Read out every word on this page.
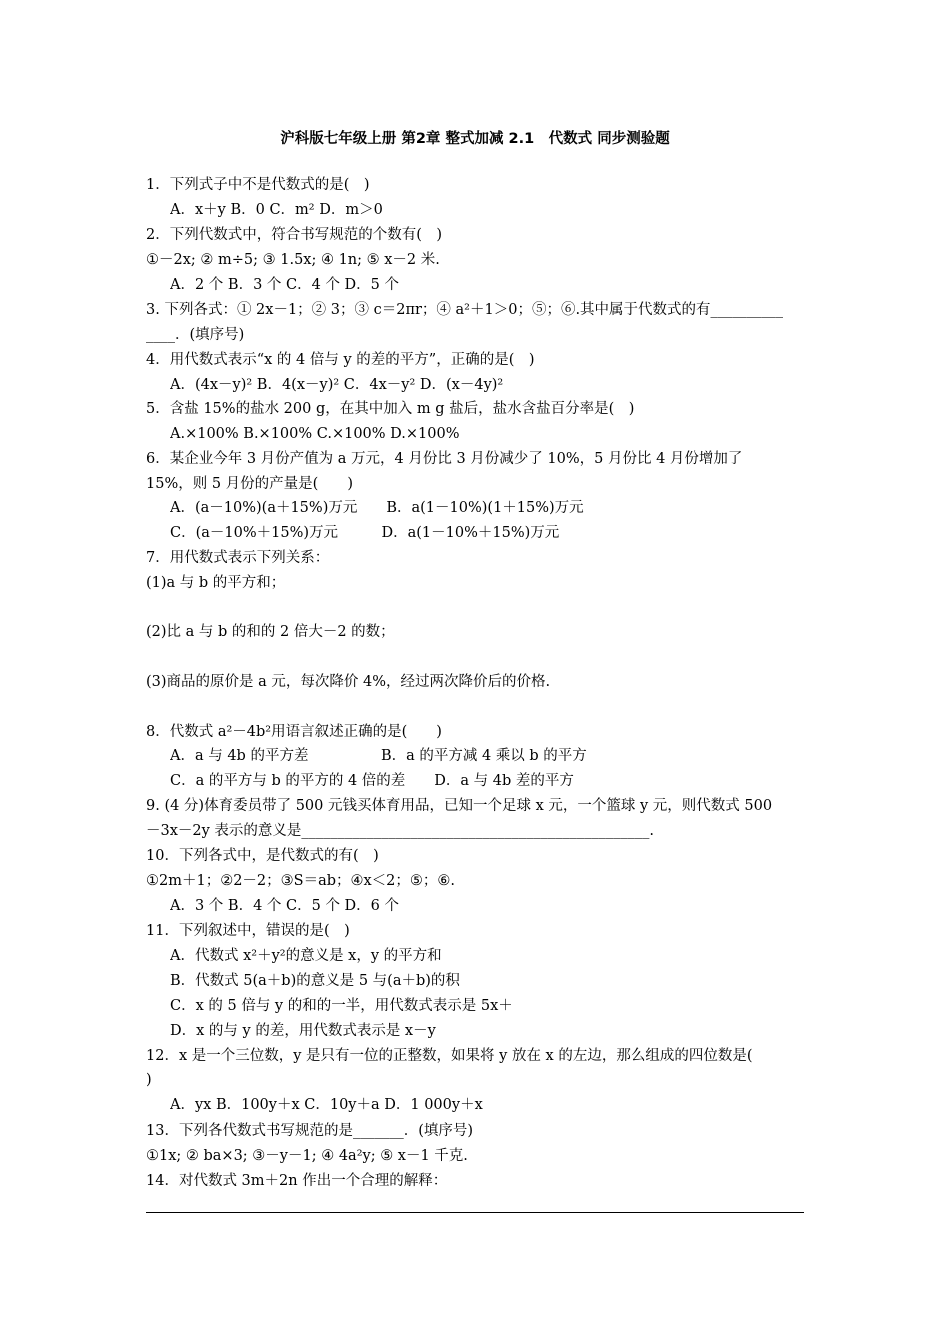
沪科版七年级上册 第2章 整式加减 2.1　代数式 同步测验题
1．下列式子中不是代数式的是(　)
A．x＋y B．0 C．m² D．m＞0
2．下列代数式中，符合书写规范的个数有(　)
①－2x; ② m÷5; ③ 1.5x; ④ 1n; ⑤ x－2 米.
A．2 个 B．3 个 C．4 个 D．5 个
3. 下列各式：① 2x－1；② 3；③ c＝2πr；④ a²＋1＞0；⑤；⑥.其中属于代数式的有__________
____．(填序号)
4．用代数式表示“x 的 4 倍与 y 的差的平方”，正确的是(　)
A．(4x－y)² B．4(x－y)² C．4x－y² D．(x－4y)²
5．含盐 15%的盐水 200 g，在其中加入 m g 盐后，盐水含盐百分率是(　)
A.×100% B.×100% C.×100% D.×100%
6．某企业今年 3 月份产值为 a 万元，4 月份比 3 月份减少了 10%，5 月份比 4 月份增加了
15%，则 5 月份的产量是(　　)
A．(a－10%)(a＋15%)万元　　B．a(1－10%)(1＋15%)万元
C．(a－10%＋15%)万元　　　D．a(1－10%＋15%)万元
7．用代数式表示下列关系：
(1)a 与 b 的平方和；
(2)比 a 与 b 的和的 2 倍大－2 的数；
(3)商品的原价是 a 元，每次降价 4%，经过两次降价后的价格.
8．代数式 a²－4b²用语言叙述正确的是(　　)
A．a 与 4b 的平方差　　　　　B．a 的平方减 4 乘以 b 的平方
C．a 的平方与 b 的平方的 4 倍的差　　D．a 与 4b 差的平方
9. (4 分)体育委员带了 500 元钱买体育用品，已知一个足球 x 元，一个篮球 y 元，则代数式 500
－3x－2y 表示的意义是________________________________________________.
10．下列各式中，是代数式的有(　)
①2m＋1；②2－2；③S＝ab；④x＜2；⑤；⑥.
A．3 个 B．4 个 C．5 个 D．6 个
11．下列叙述中，错误的是(　)
A．代数式 x²＋y²的意义是 x，y 的平方和
B．代数式 5(a＋b)的意义是 5 与(a＋b)的积
C．x 的 5 倍与 y 的和的一半，用代数式表示是 5x＋
D．x 的与 y 的差，用代数式表示是 x－y
12．x 是一个三位数，y 是只有一位的正整数，如果将 y 放在 x 的左边，那么组成的四位数是(
)
A．yx B．100y＋x C．10y＋a D．1 000y＋x
13．下列各代数式书写规范的是_______．(填序号)
①1x; ② ba×3; ③－y－1; ④ 4a²y; ⑤ x－1 千克.
14．对代数式 3m＋2n 作出一个合理的解释：
